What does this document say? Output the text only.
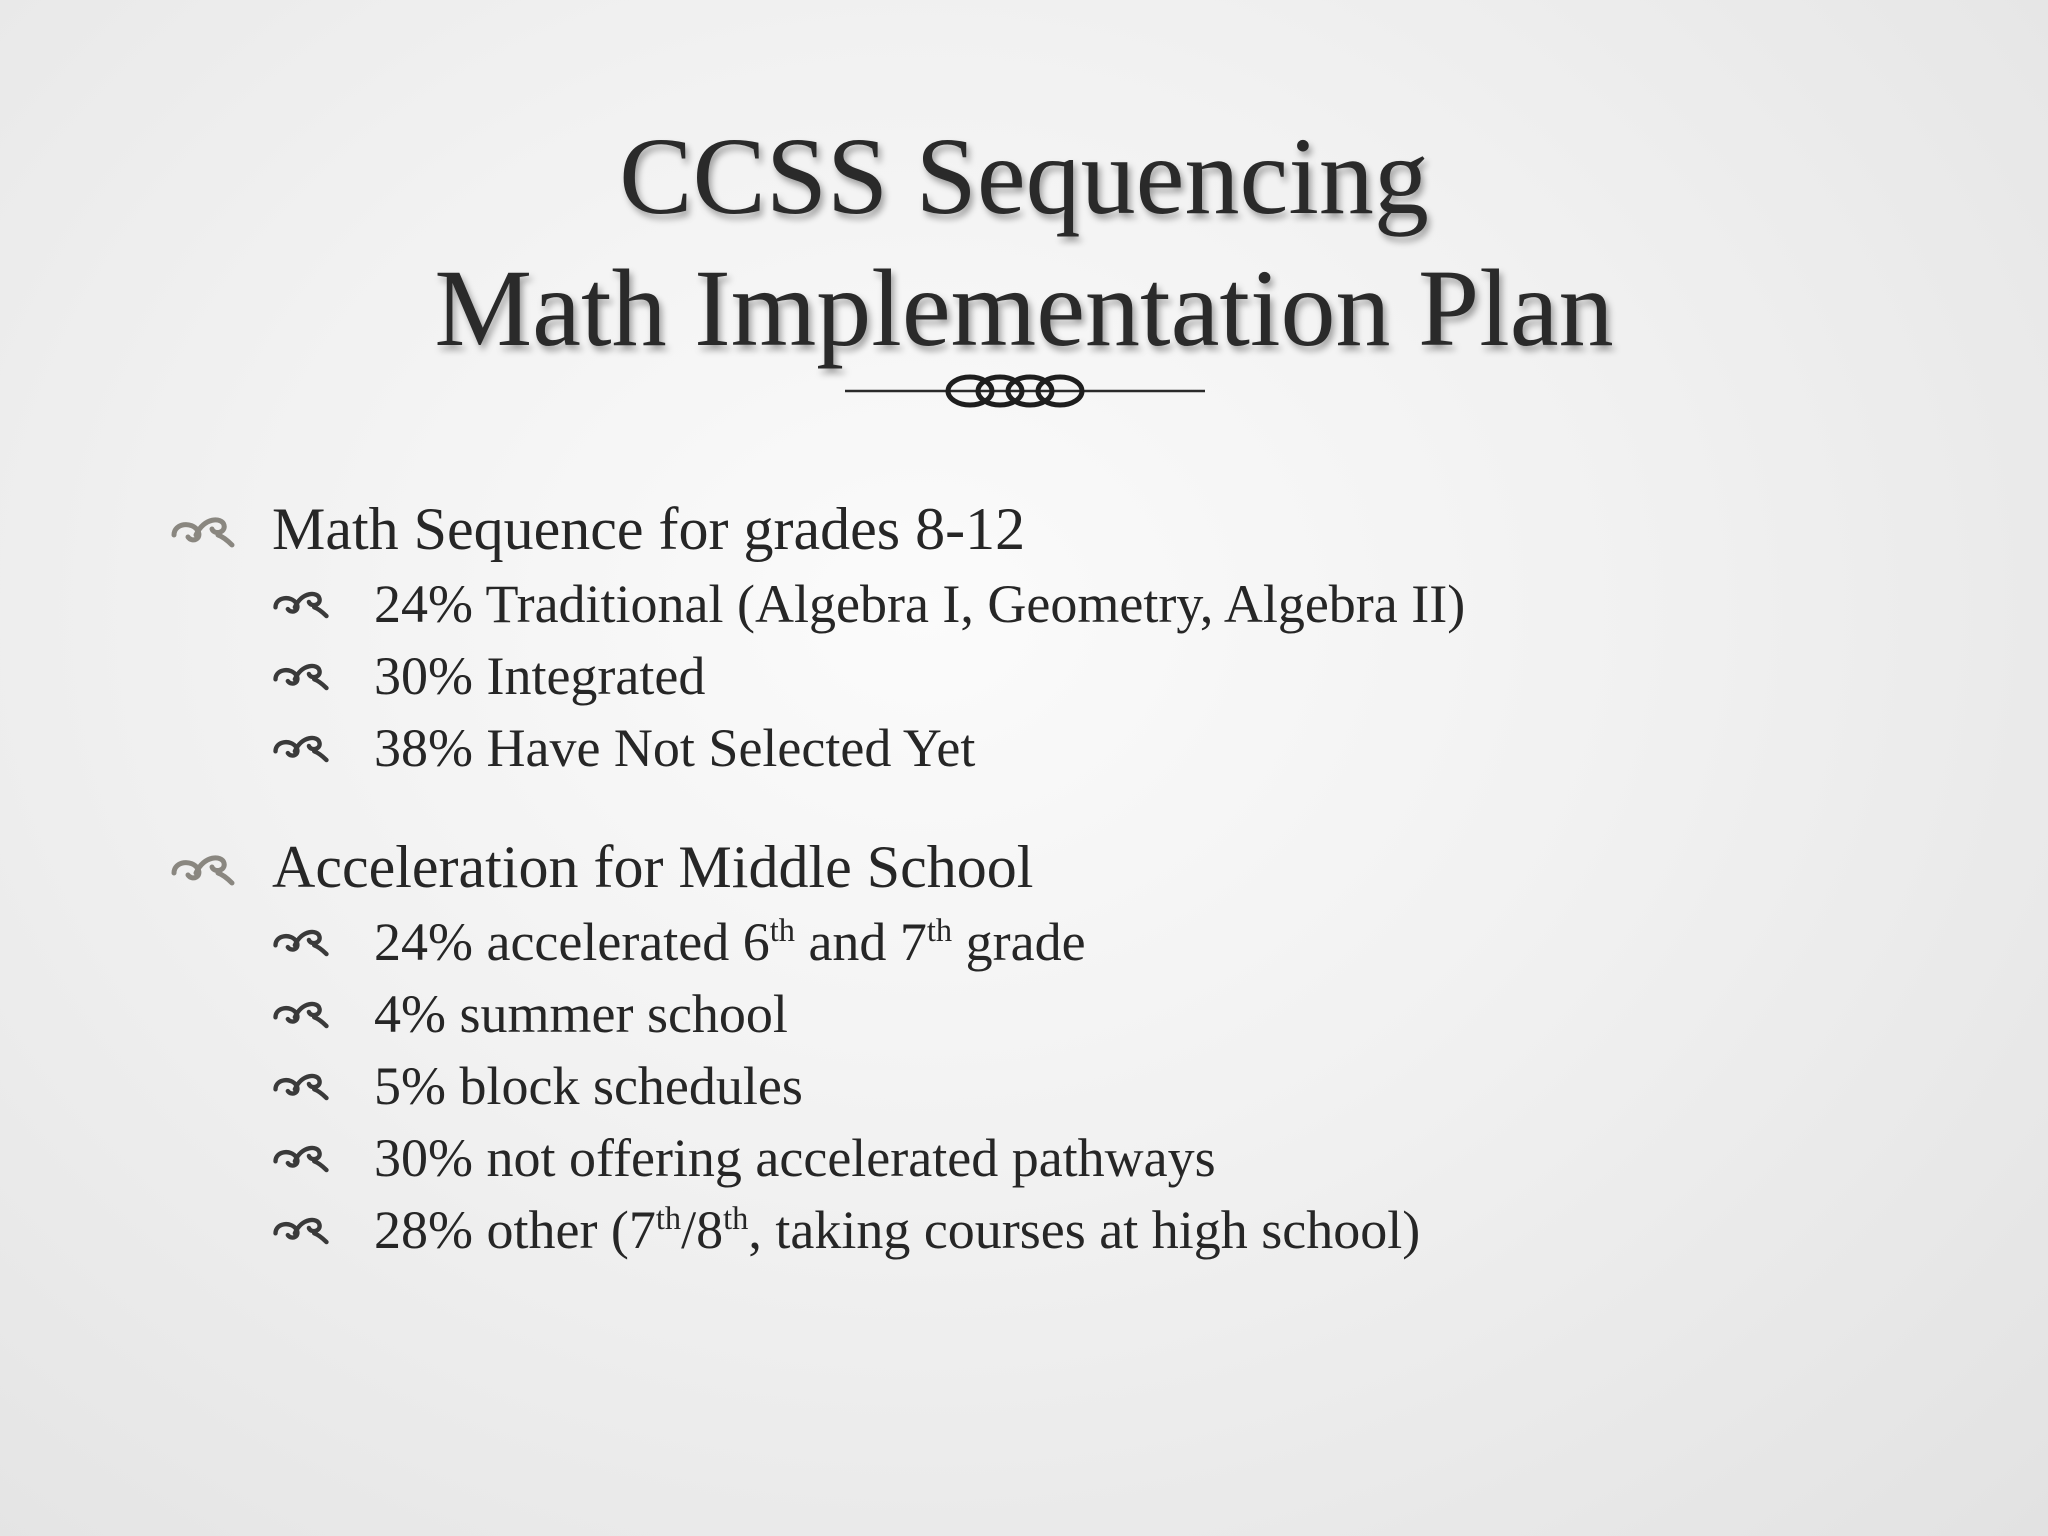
CCSS Sequencing
Math Implementation Plan
Math Sequence for grades 8-12
24% Traditional (Algebra I, Geometry, Algebra II)
30% Integrated
38% Have Not Selected Yet
Acceleration for Middle School
24% accelerated 6th and 7th grade
4% summer school
5% block schedules
30% not offering accelerated pathways
28% other (7th/8th, taking courses at high school)
